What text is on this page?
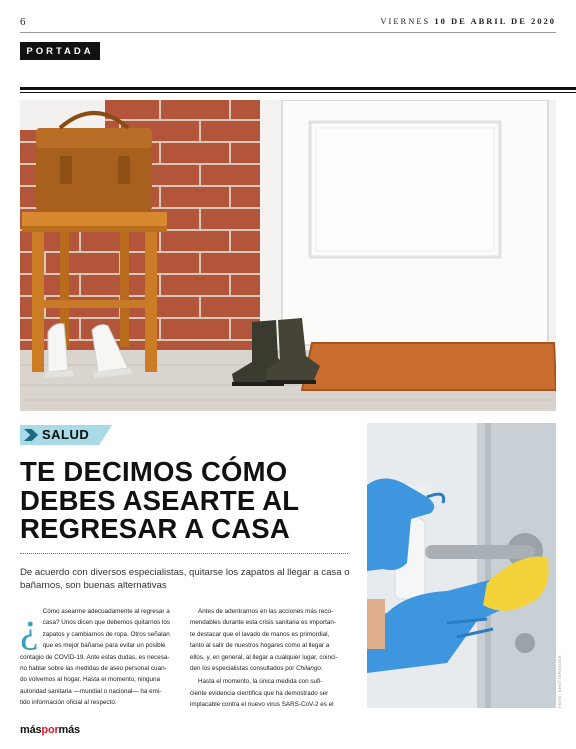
6	VIERNES 10 DE ABRIL DE 2020
PORTADA
SALUD
TE DECIMOS CÓMO
DEBES ASEARTE AL
REGRESAR A CASA
De acuerdo con diversos especialistas, quitarse los zapatos al llegar a casa o bañarnos, son buenas alternativas
¿ Cómo asearme adecuadamente al regresar a
casa? Unos dicen que debemos quitarnos los
zapatos y cambiarnos de ropa. Otros señalan
que es mejor bañarse para evitar un posible
contagio de COVID-19. Ante estas dudas, es necesa-
rio hablar sobre las medidas de aseo personal cuan-
do volvemos al hogar. Hasta el momento, ninguna
autoridad sanitaria —mundial o nacional— ha emi-
tido información oficial al respecto.
Antes de adentrarnos en las acciones más reco-
mendables durante esta crisis sanitaria es importan-
te destacar que el lavado de manos es primordial,
tanto al salir de nuestros hogares como al llegar a
ellos, y, en general, al llegar a cualquier lugar, coinci-
den los especialistas consultados por Chilango.
Hasta el momento, la única medida con sufi-
ciente evidencia científica que ha demostrado ser
implacable contra el nuevo virus SARS-CoV-2 es el	FOTO: SHUTTERSTOCK
máspormás
